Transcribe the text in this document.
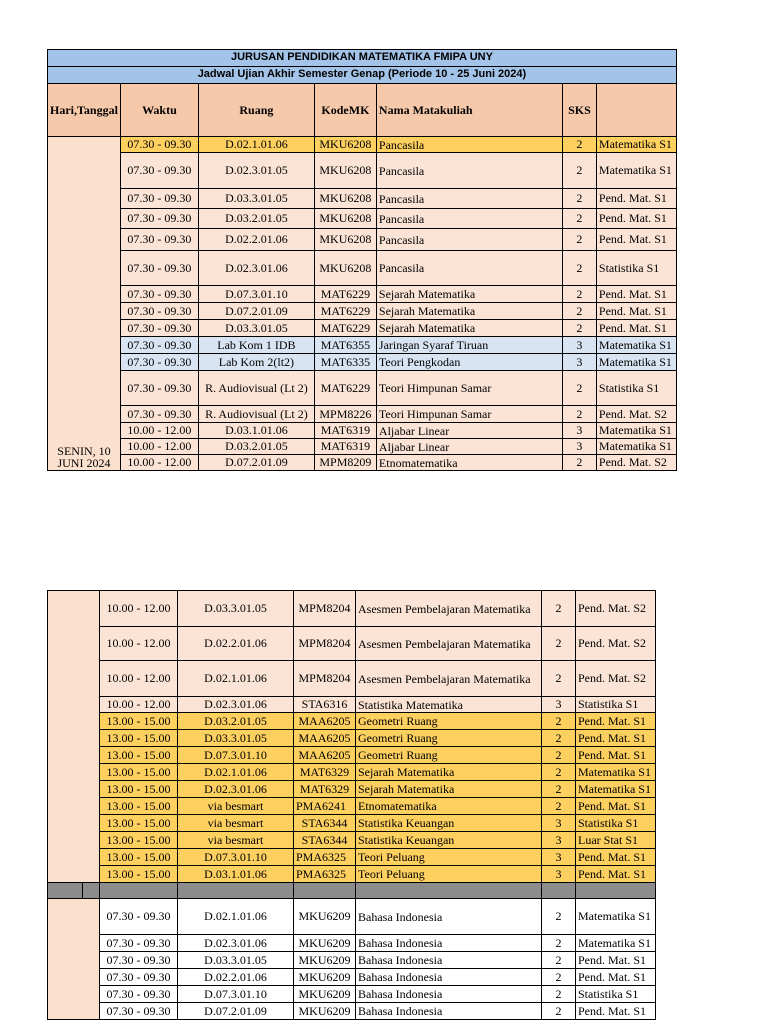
JURUSAN PENDIDIKAN MATEMATIKA FMIPA UNY						
Jadwal Ujian Akhir Semester Genap (Periode 10 - 25 Juni 2024)						
Hari,Tanggal	Waktu	Ruang	KodeMK	Nama Matakuliah	SKS	
SENIN, 10 JUNI 2024	07.30 - 09.30	D.02.1.01.06	MKU6208	Pancasila	2	Matematika S1
	07.30 - 09.30	D.02.3.01.05	MKU6208	Pancasila	2	Matematika S1
	07.30 - 09.30	D.03.3.01.05	MKU6208	Pancasila	2	Pend. Mat. S1
	07.30 - 09.30	D.03.2.01.05	MKU6208	Pancasila	2	Pend. Mat. S1
	07.30 - 09.30	D.02.2.01.06	MKU6208	Pancasila	2	Pend. Mat. S1
	07.30 - 09.30	D.02.3.01.06	MKU6208	Pancasila	2	Statistika S1
	07.30 - 09.30	D.07.3.01.10	MAT6229	Sejarah Matematika	2	Pend. Mat. S1
	07.30 - 09.30	D.07.2.01.09	MAT6229	Sejarah Matematika	2	Pend. Mat. S1
	07.30 - 09.30	D.03.3.01.05	MAT6229	Sejarah Matematika	2	Pend. Mat. S1
	07.30 - 09.30	Lab Kom 1 IDB	MAT6355	Jaringan Syaraf Tiruan	3	Matematika S1
	07.30 - 09.30	Lab Kom 2(lt2)	MAT6335	Teori Pengkodan	3	Matematika S1
	07.30 - 09.30	R. Audiovisual (Lt 2)	MAT6229	Teori Himpunan Samar	2	Statistika S1
	07.30 - 09.30	R. Audiovisual (Lt 2)	MPM8226	Teori Himpunan Samar	2	Pend. Mat. S2
	10.00 - 12.00	D.03.1.01.06	MAT6319	Aljabar Linear	3	Matematika S1
	10.00 - 12.00	D.03.2.01.05	MAT6319	Aljabar Linear	3	Matematika S1
	10.00 - 12.00	D.07.2.01.09	MPM8209	Etnomatematika	2	Pend. Mat. S2
	10.00 - 12.00	D.03.3.01.05	MPM8204	Asesmen Pembelajaran Matematika	2	Pend. Mat. S2
	10.00 - 12.00	D.02.2.01.06	MPM8204	Asesmen Pembelajaran Matematika	2	Pend. Mat. S2
	10.00 - 12.00	D.02.1.01.06	MPM8204	Asesmen Pembelajaran Matematika	2	Pend. Mat. S2
	10.00 - 12.00	D.02.3.01.06	STA6316	Statistika Matematika	3	Statistika S1
	13.00 - 15.00	D.03.2.01.05	MAA6205	Geometri Ruang	2	Pend. Mat. S1
	13.00 - 15.00	D.03.3.01.05	MAA6205	Geometri Ruang	2	Pend. Mat. S1
	13.00 - 15.00	D.07.3.01.10	MAA6205	Geometri Ruang	2	Pend. Mat. S1
	13.00 - 15.00	D.02.1.01.06	MAT6329	Sejarah Matematika	2	Matematika S1
	13.00 - 15.00	D.02.3.01.06	MAT6329	Sejarah Matematika	2	Matematika S1
	13.00 - 15.00	via besmart	PMA6241	Etnomatematika	2	Pend. Mat. S1
	13.00 - 15.00	via besmart	STA6344	Statistika Keuangan	3	Statistika S1
	13.00 - 15.00	via besmart	STA6344	Statistika Keuangan	3	Luar Stat S1
	13.00 - 15.00	D.07.3.01.10	PMA6325	Teori Peluang	3	Pend. Mat. S1
	13.00 - 15.00	D.03.1.01.06	PMA6325	Teori Peluang	3	Pend. Mat. S1

	07.30 - 09.30	D.02.1.01.06	MKU6209	Bahasa Indonesia	2	Matematika S1
	07.30 - 09.30	D.02.3.01.06	MKU6209	Bahasa Indonesia	2	Matematika S1
	07.30 - 09.30	D.03.3.01.05	MKU6209	Bahasa Indonesia	2	Pend. Mat. S1
	07.30 - 09.30	D.02.2.01.06	MKU6209	Bahasa Indonesia	2	Pend. Mat. S1
	07.30 - 09.30	D.07.3.01.10	MKU6209	Bahasa Indonesia	2	Statistika S1
	07.30 - 09.30	D.07.2.01.09	MKU6209	Bahasa Indonesia	2	Pend. Mat. S1
